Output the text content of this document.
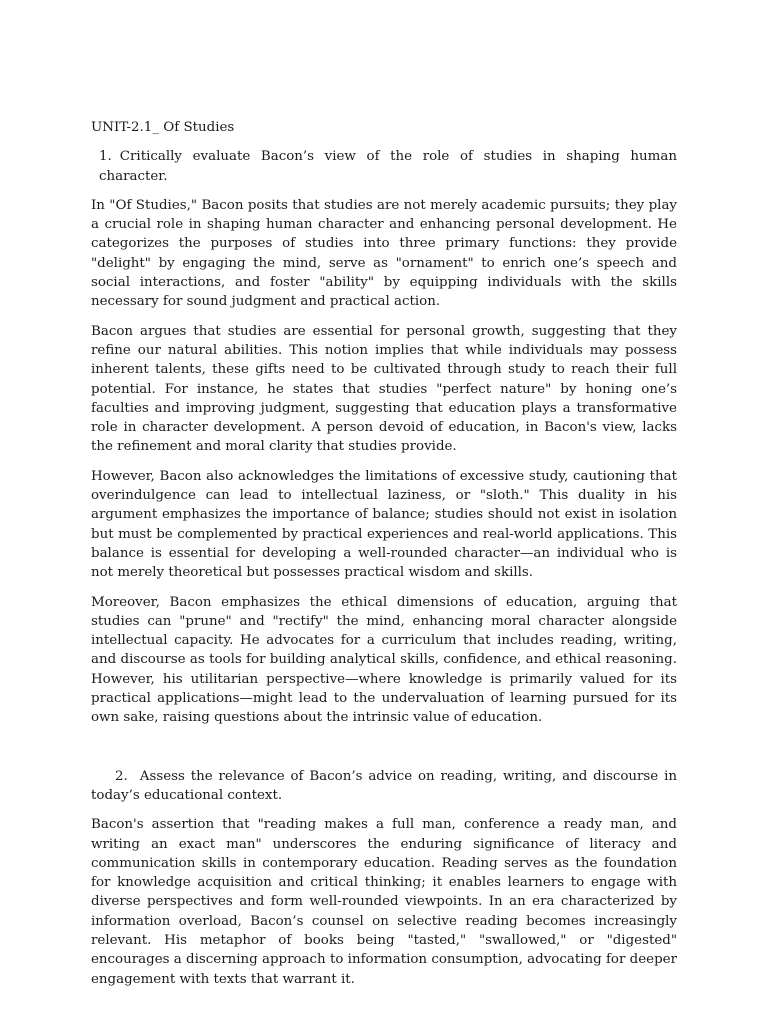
UNIT-2.1_ Of Studies
1. Critically evaluate Bacon’s view of the role of studies in shaping human character.

In "Of Studies," Bacon posits that studies are not merely academic pursuits; they play a crucial role in shaping human character and enhancing personal development. He categorizes the purposes of studies into three primary functions: they provide "delight" by engaging the mind, serve as "ornament" to enrich one’s speech and social interactions, and foster "ability" by equipping individuals with the skills necessary for sound judgment and practical action.

Bacon argues that studies are essential for personal growth, suggesting that they refine our natural abilities. This notion implies that while individuals may possess inherent talents, these gifts need to be cultivated through study to reach their full potential. For instance, he states that studies "perfect nature" by honing one’s faculties and improving judgment, suggesting that education plays a transformative role in character development. A person devoid of education, in Bacon's view, lacks the refinement and moral clarity that studies provide.

However, Bacon also acknowledges the limitations of excessive study, cautioning that overindulgence can lead to intellectual laziness, or "sloth." This duality in his argument emphasizes the importance of balance; studies should not exist in isolation but must be complemented by practical experiences and real-world applications. This balance is essential for developing a well-rounded character—an individual who is not merely theoretical but possesses practical wisdom and skills.

Moreover, Bacon emphasizes the ethical dimensions of education, arguing that studies can "prune" and "rectify" the mind, enhancing moral character alongside intellectual capacity. He advocates for a curriculum that includes reading, writing, and discourse as tools for building analytical skills, confidence, and ethical reasoning. However, his utilitarian perspective—where knowledge is primarily valued for its practical applications—might lead to the undervaluation of learning pursued for its own sake, raising questions about the intrinsic value of education.

2. Assess the relevance of Bacon’s advice on reading, writing, and discourse in today’s educational context.

Bacon's assertion that "reading makes a full man, conference a ready man, and writing an exact man" underscores the enduring significance of literacy and communication skills in contemporary education. Reading serves as the foundation for knowledge acquisition and critical thinking; it enables learners to engage with diverse perspectives and form well-rounded viewpoints. In an era characterized by information overload, Bacon’s counsel on selective reading becomes increasingly relevant. His metaphor of books being "tasted," "swallowed," or "digested" encourages a discerning approach to information consumption, advocating for deeper engagement with texts that warrant it.
